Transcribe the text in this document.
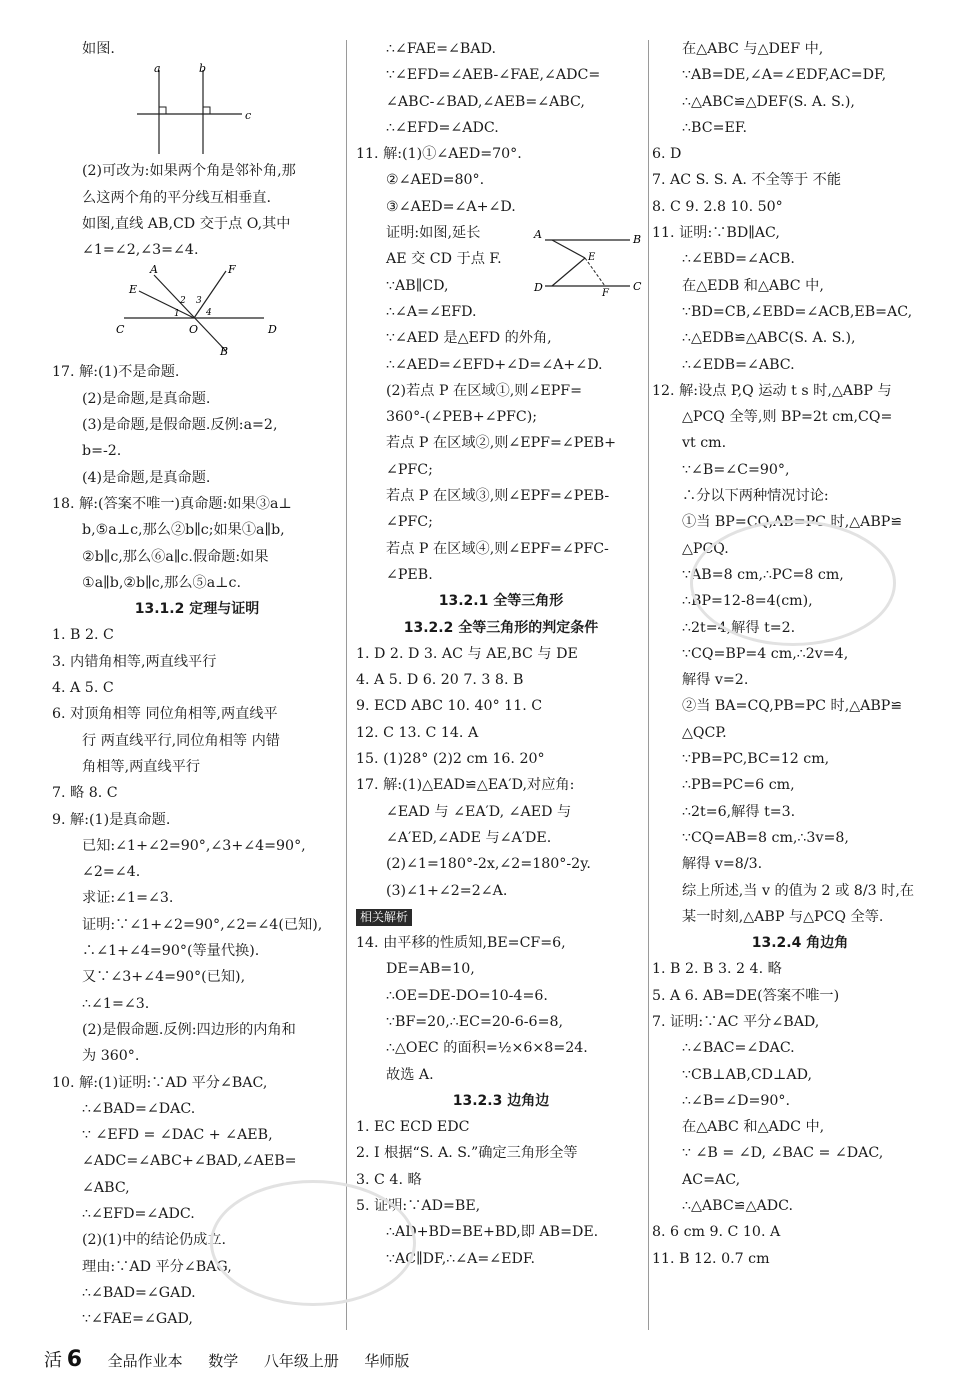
如图.
a	b
c
(2)可改为:如果两个角是邻补角,那
么这两个角的平分线互相垂直.
如图,直线 AB,CD 交于点 O,其中
∠1=∠2,∠3=∠4.
C	D
A
B
E
F
O
1
2 3
4
17. 解:(1)不是命题.
(2)是命题,是真命题.
(3)是命题,是假命题.反例:a=2,
b=-2.
(4)是命题,是真命题.
18. 解:(答案不唯一)真命题:如果③a⊥
b,⑤a⊥c,那么②b∥c;如果①a∥b,
②b∥c,那么⑥a∥c.假命题:如果
①a∥b,②b∥c,那么⑤a⊥c.
13.1.2 定理与证明
1. B 2. C
3. 内错角相等,两直线平行
4. A 5. C
6. 对顶角相等 同位角相等,两直线平
行 两直线平行,同位角相等 内错
角相等,两直线平行
7. 略 8. C
9. 解:(1)是真命题.
已知:∠1+∠2=90°,∠3+∠4=90°,
∠2=∠4.
求证:∠1=∠3.
证明:∵∠1+∠2=90°,∠2=∠4(已知),
∴∠1+∠4=90°(等量代换).
又∵∠3+∠4=90°(已知),
∴∠1=∠3.
(2)是假命题.反例:四边形的内角和
为 360°.
10. 解:(1)证明:∵AD 平分∠BAC,
∴∠BAD=∠DAC.
∵ ∠EFD = ∠DAC + ∠AEB,
∠ADC=∠ABC+∠BAD,∠AEB=
∠ABC,
∴∠EFD=∠ADC.
(2)(1)中的结论仍成立.
理由:∵AD 平分∠BAG,
∴∠BAD=∠GAD.
∵∠FAE=∠GAD,
∴∠FAE=∠BAD.
∵∠EFD=∠AEB-∠FAE,∠ADC=
∠ABC-∠BAD,∠AEB=∠ABC,
∴∠EFD=∠ADC.
11. 解:(1)①∠AED=70°.
②∠AED=80°.
③∠AED=∠A+∠D.
证明:如图,延长
AE 交 CD 于点 F.
∵AB∥CD,
∴∠A=∠EFD.
∵∠AED 是△EFD 的外角,
∴∠AED=∠EFD+∠D=∠A+∠D.
(2)若点 P 在区域①,则∠EPF=
360°-(∠PEB+∠PFC);
若点 P 在区域②,则∠EPF=∠PEB+
∠PFC;
若点 P 在区域③,则∠EPF=∠PEB-
∠PFC;
若点 P 在区域④,则∠EPF=∠PFC-
∠PEB.
13.2.1 全等三角形
13.2.2 全等三角形的判定条件
1. D 2. D 3. AC 与 AE,BC 与 DE
4. A 5. D 6. 20 7. 3 8. B
9. ECD ABC 10. 40° 11. C
12. C 13. C 14. A
15. (1)28° (2)2 cm 16. 20°
17. 解:(1)△EAD≌△EA′D,对应角:
∠EAD 与 ∠EA′D, ∠AED 与
∠A′ED,∠ADE 与∠A′DE.
(2)∠1=180°-2x,∠2=180°-2y.
(3)∠1+∠2=2∠A.
相关解析
14. 由平移的性质知,BE=CF=6,
DE=AB=10,
∴OE=DE-DO=10-4=6.
∵BF=20,∴EC=20-6-6=8,
∴△OEC 的面积=½×6×8=24.
故选 A.
13.2.3 边角边
1. EC ECD EDC
2. Ⅰ 根据“S. A. S.”确定三角形全等
3. C 4. 略
5. 证明:∵AD=BE,
∴AD+BD=BE+BD,即 AB=DE.
∵AC∥DF,∴∠A=∠EDF.
在△ABC 与△DEF 中,
∵AB=DE,∠A=∠EDF,AC=DF,
∴△ABC≌△DEF(S. A. S.),
∴BC=EF.
6. D
7. AC S. S. A. 不全等于 不能
8. C 9. 2.8 10. 50°
11. 证明:∵BD∥AC,
∴∠EBD=∠ACB.
在△EDB 和△ABC 中,
∵BD=CB,∠EBD=∠ACB,EB=AC,
∴△EDB≌△ABC(S. A. S.),
∴∠EDB=∠ABC.
12. 解:设点 P,Q 运动 t s 时,△ABP 与
△PCQ 全等,则 BP=2t cm,CQ=
vt cm.
∵∠B=∠C=90°,
∴分以下两种情况讨论:
①当 BP=CQ,AB=PC 时,△ABP≌
△PCQ.
∵AB=8 cm,∴PC=8 cm,
∴BP=12-8=4(cm),
∴2t=4,解得 t=2.
∵CQ=BP=4 cm,∴2v=4,
解得 v=2.
②当 BA=CQ,PB=PC 时,△ABP≌
△QCP.
∵PB=PC,BC=12 cm,
∴PB=PC=6 cm,
∴2t=6,解得 t=3.
∵CQ=AB=8 cm,∴3v=8,
解得 v=8/3.
综上所述,当 v 的值为 2 或 8/3 时,在
某一时刻,△ABP 与△PCQ 全等.
13.2.4 角边角
1. B 2. B 3. 2 4. 略
5. A 6. AB=DE(答案不唯一)
7. 证明:∵AC 平分∠BAD,
∴∠BAC=∠DAC.
∵CB⊥AB,CD⊥AD,
∴∠B=∠D=90°.
在△ABC 和△ADC 中,
∵ ∠B = ∠D, ∠BAC = ∠DAC,
AC=AC,
∴△ABC≌△ADC.
8. 6 cm 9. C 10. A
11. B 12. 0.7 cm
A	B
D	C
E
F
活 6 全品作业本 数学 八年级上册 华师版
